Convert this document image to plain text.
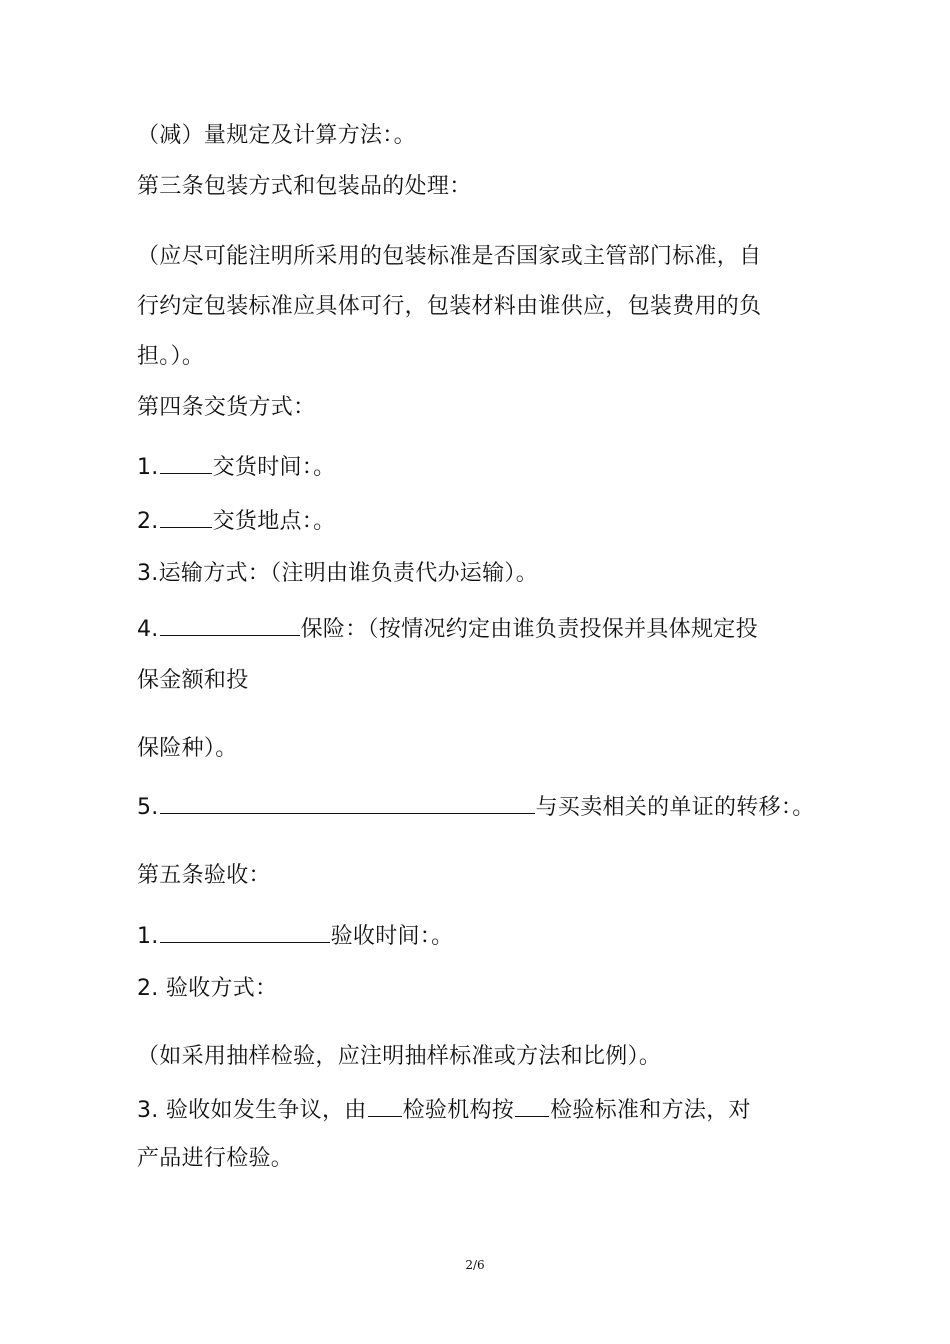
（减）量规定及计算方法：。
第三条包装方式和包装品的处理：
（应尽可能注明所采用的包装标准是否国家或主管部门标准，自
行约定包装标准应具体可行，包装材料由谁供应，包装费用的负
担。）。
第四条交货方式：
1. 交货时间：。
2. 交货地点：。
3.运输方式：（注明由谁负责代办运输）。
4.	保险：（按情况约定由谁负责投保并具体规定投
保金额和投
保险种）。
5.	与买卖相关的单证的转移：。
第五条验收：
1.	验收时间：。
2. 验收方式：
（如采用抽样检验，应注明抽样标准或方法和比例）。
3. 验收如发生争议，由 检验机构按 检验标准和方法，对
产品进行检验。
2/6
